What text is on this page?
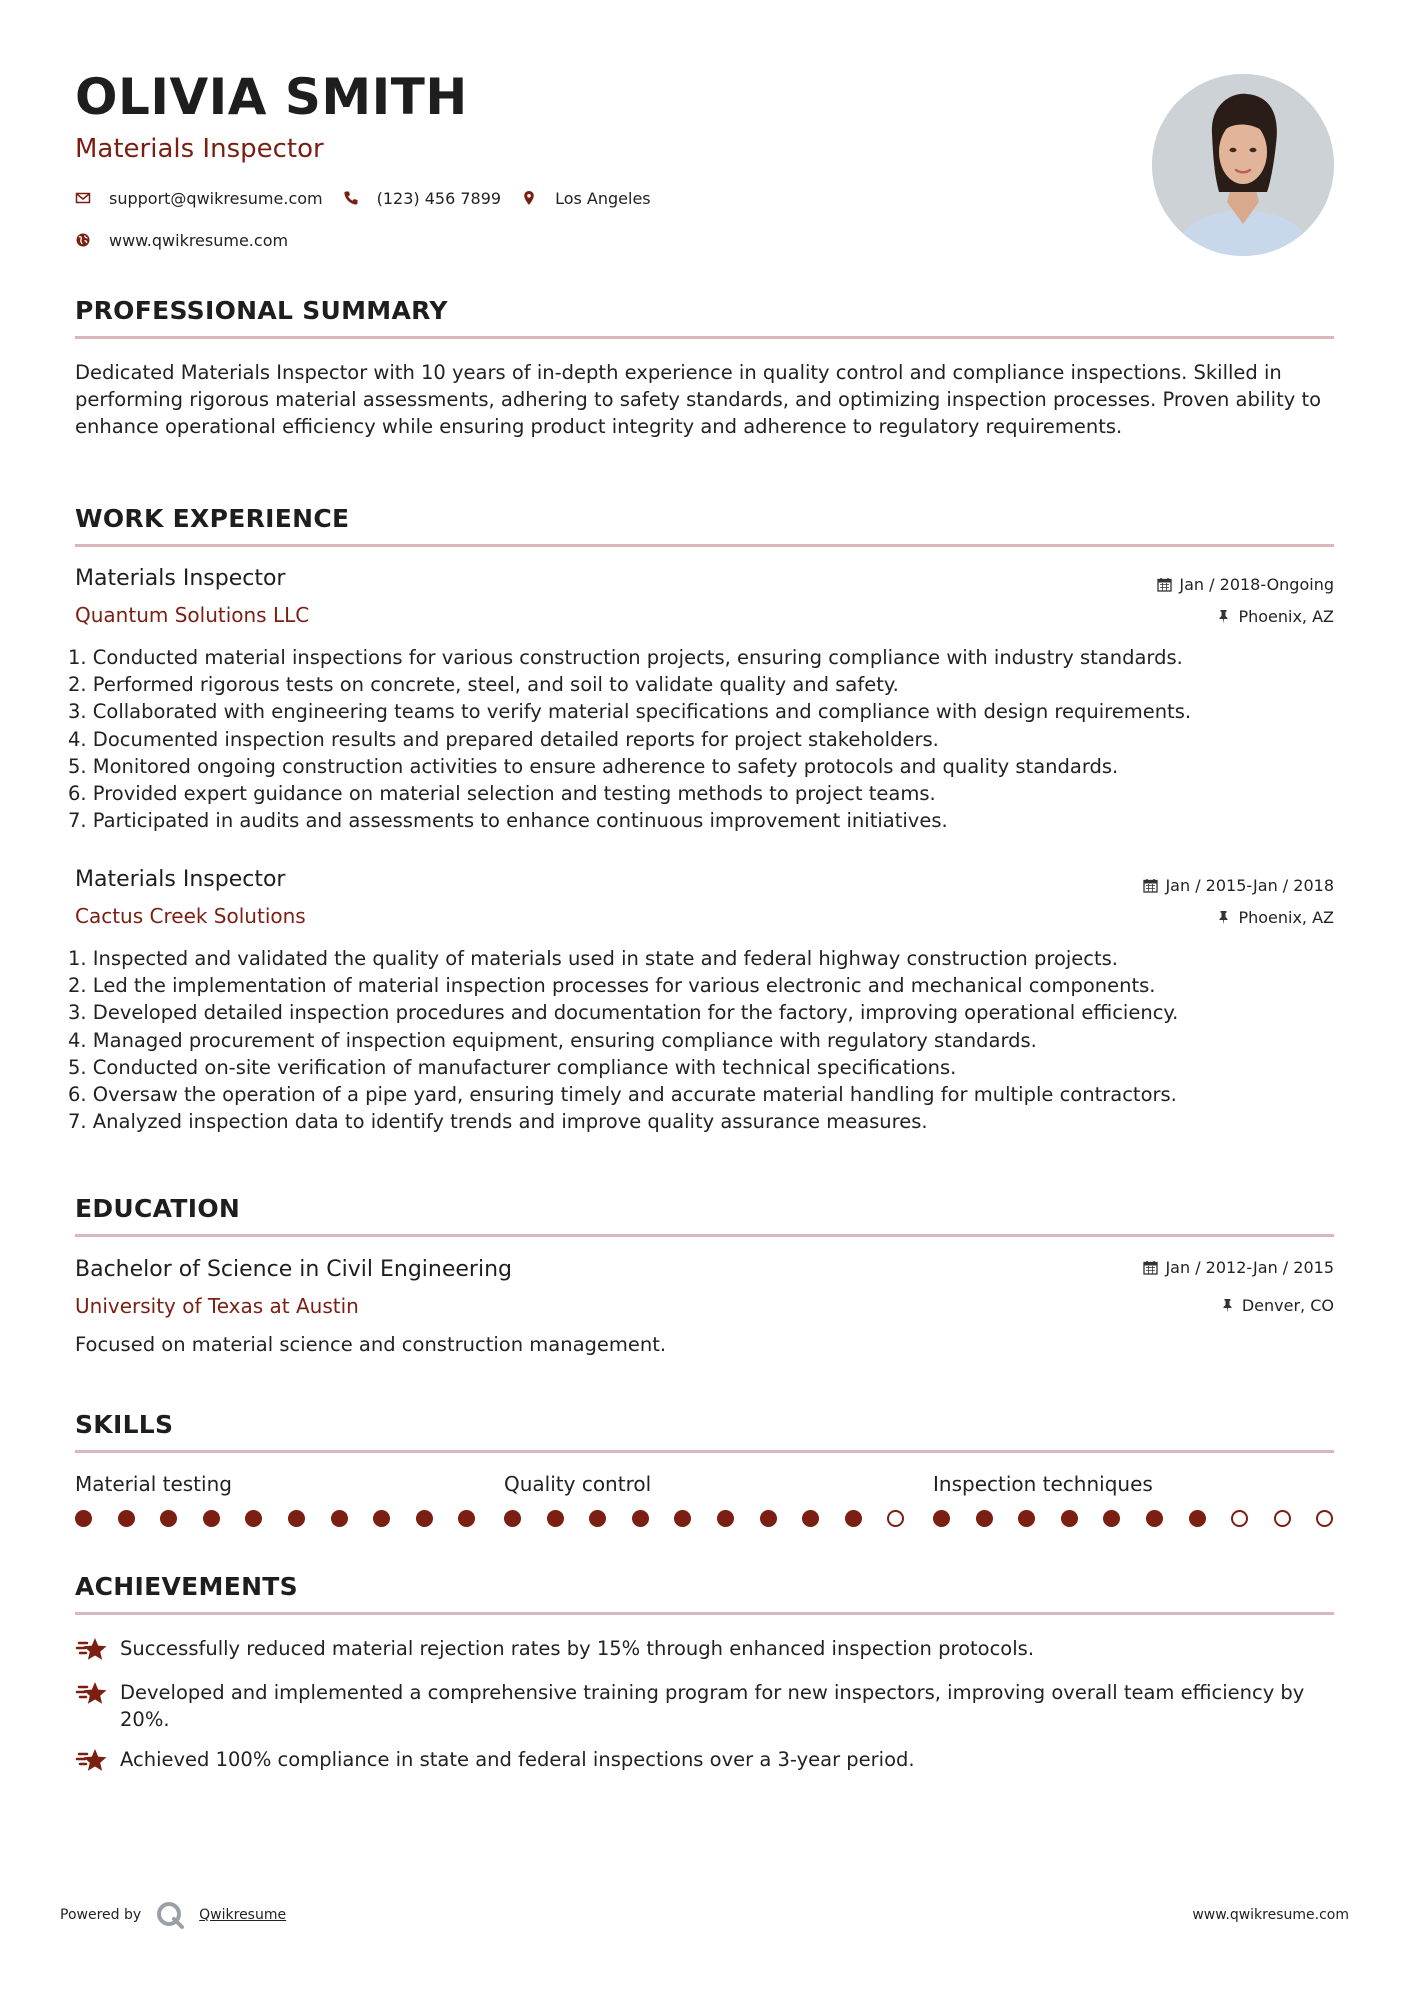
OLIVIA SMITH
Materials Inspector
support@qwikresume.com	(123) 456 7899	Los Angeles
www.qwikresume.com
PROFESSIONAL SUMMARY

Dedicated Materials Inspector with 10 years of in-depth experience in quality control and compliance inspections. Skilled in performing rigorous material assessments, adhering to safety standards, and optimizing inspection processes. Proven ability to enhance operational efficiency while ensuring product integrity and adherence to regulatory requirements.

WORK EXPERIENCE
Materials Inspector
Quantum Solutions LLC
Jan / 2018-Ongoing
Phoenix, AZ
1. Conducted material inspections for various construction projects, ensuring compliance with industry standards.
2. Performed rigorous tests on concrete, steel, and soil to validate quality and safety.
3. Collaborated with engineering teams to verify material specifications and compliance with design requirements.
4. Documented inspection results and prepared detailed reports for project stakeholders.
5. Monitored ongoing construction activities to ensure adherence to safety protocols and quality standards.
6. Provided expert guidance on material selection and testing methods to project teams.
7. Participated in audits and assessments to enhance continuous improvement initiatives.
Materials Inspector
Cactus Creek Solutions
Jan / 2015-Jan / 2018
Phoenix, AZ
1. Inspected and validated the quality of materials used in state and federal highway construction projects.
2. Led the implementation of material inspection processes for various electronic and mechanical components.
3. Developed detailed inspection procedures and documentation for the factory, improving operational efficiency.
4. Managed procurement of inspection equipment, ensuring compliance with regulatory standards.
5. Conducted on-site verification of manufacturer compliance with technical specifications.
6. Oversaw the operation of a pipe yard, ensuring timely and accurate material handling for multiple contractors.
7. Analyzed inspection data to identify trends and improve quality assurance measures.
EDUCATION
Bachelor of Science in Civil Engineering
University of Texas at Austin
Jan / 2012-Jan / 2015
Denver, CO

Focused on material science and construction management.

SKILLS
Material testing	Quality control	Inspection techniques
ACHIEVEMENTS
Successfully reduced material rejection rates by 15% through enhanced inspection protocols.
Developed and implemented a comprehensive training program for new inspectors, improving overall team efficiency by 20%.
Achieved 100% compliance in state and federal inspections over a 3-year period.
Powered by	Qwikresume	www.qwikresume.com
